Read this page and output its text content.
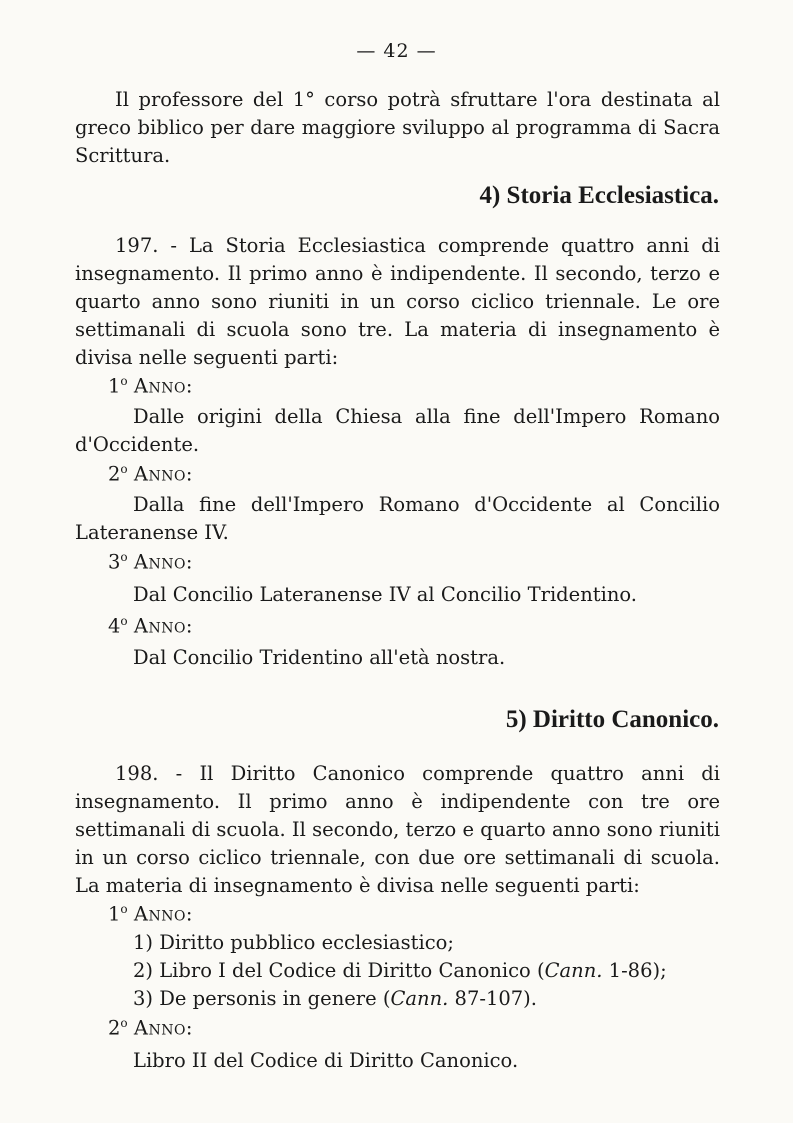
— 42 —

Il professore del 1° corso potrà sfruttare l'ora destinata al greco biblico per dare maggiore sviluppo al programma di Sacra Scrittura.

4) Storia Ecclesiastica.

197. - La Storia Ecclesiastica comprende quattro anni di insegnamento. Il primo anno è indipendente. Il secondo, terzo e quarto anno sono riuniti in un corso ciclico triennale. Le ore settimanali di scuola sono tre. La materia di insegnamento è divisa nelle seguenti parti:

1$^o$ Anno:

Dalle origini della Chiesa alla fine dell'Impero Romano d'Occidente.

2$^o$ Anno:

Dalla fine dell'Impero Romano d'Occidente al Concilio Lateranense IV.

3$^o$ Anno:

Dal Concilio Lateranense IV al Concilio Tridentino.

4$^o$ Anno:

Dal Concilio Tridentino all'età nostra.

5) Diritto Canonico.

198. - Il Diritto Canonico comprende quattro anni di insegnamento. Il primo anno è indipendente con tre ore settimanali di scuola. Il secondo, terzo e quarto anno sono riuniti in un corso ciclico triennale, con due ore settimanali di scuola. La materia di insegnamento è divisa nelle seguenti parti:

1$^o$ Anno:

1) Diritto pubblico ecclesiastico;

2) Libro I del Codice di Diritto Canonico (Cann. 1-86);

3) De personis in genere (Cann. 87-107).

2$^o$ Anno:

Libro II del Codice di Diritto Canonico.
